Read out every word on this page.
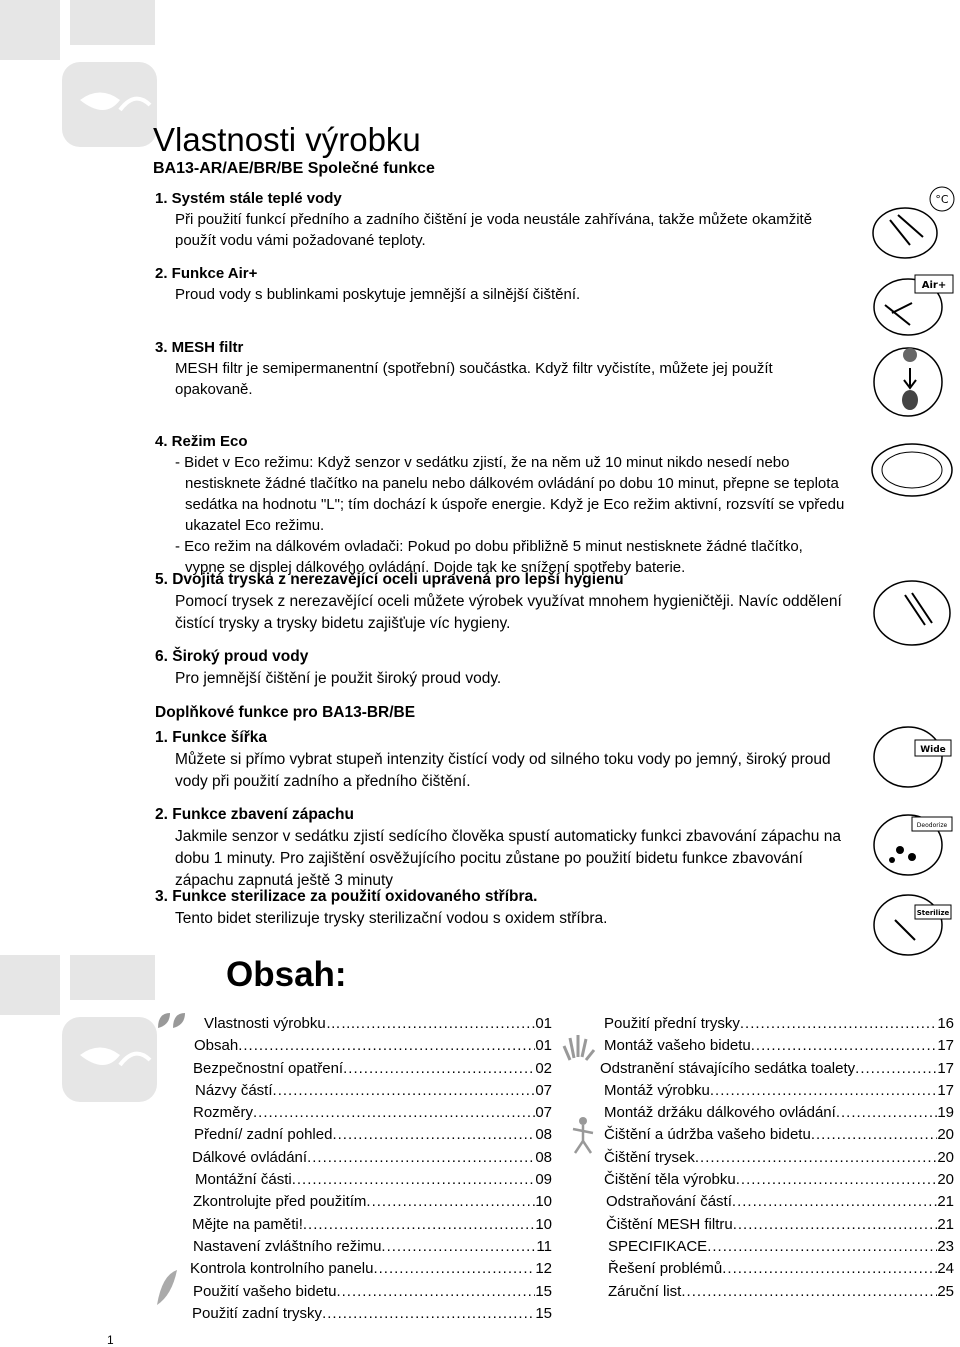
Vlastnosti výrobku
BA13-AR/AE/BR/BE Společné funkce
1. Systém stále teplé vody
Při použití funkcí předního a zadního čištění je voda neustále zahřívána, takže můžete okamžitě použít vodu vámi požadované teploty.
2. Funkce Air+
Proud vody s bublinkami poskytuje jemnější a silnější čištění.
3. MESH filtr
MESH filtr je semipermanentní (spotřební) součástka. Když filtr vyčistíte, můžete jej použít opakovaně.
4. Režim Eco
- Bidet v Eco režimu: Když senzor v sedátku zjistí, že na něm už 10 minut nikdo nesedí nebo nestisknete žádné tlačítko na panelu nebo dálkovém ovládání po dobu 10 minut, přepne se teplota sedátka na hodnotu "L"; tím dochází k úspoře energie. Když je Eco režim aktivní, rozsvítí se vpředu ukazatel Eco režimu.
- Eco režim na dálkovém ovladači: Pokud po dobu přibližně 5 minut nestisknete žádné tlačítko, vypne se displej dálkového ovládání. Dojde tak ke snížení spotřeby baterie.
5. Dvojitá tryska z nerezavějící oceli upravená pro lepší hygienu
Pomocí trysek z nerezavějící oceli můžete výrobek využívat mnohem hygieničtěji. Navíc oddělení čistící trysky a trysky bidetu zajišťuje víc hygieny.
6. Široký proud vody
Pro jemnější čištění je použit široký proud vody.
Doplňkové funkce pro BA13-BR/BE
1. Funkce šířka
Můžete si přímo vybrat stupeň intenzity čistící vody od silného toku vody po jemný, široký proud vody při použití zadního a předního čištění.
2. Funkce zbavení zápachu
Jakmile senzor v sedátku zjistí sedícího člověka spustí automaticky funkci zbavování zápachu na dobu 1 minuty. Pro zajištění osvěžujícího pocitu zůstane po použití bidetu funkce zbavování zápachu zapnutá ještě 3 minuty
3. Funkce sterilizace za použití oxidovaného stříbra.
Tento bidet sterilizuje trysky sterilizační vodou s oxidem stříbra.
°C
Air+
Wide
Deodorize
Sterilize
Obsah:
Vlastnosti výrobku…… .....	01
Obsah .....	01
Bezpečnostní opatření .....	02
Názvy částí .....	07
Rozměry .....	07
Přední/ zadní pohled .....	08
Dálkové ovládání .....	08
Montážní části .....	09
Zkontrolujte před použitím .....	10
Mějte na paměti! .....	10
Nastavení zvláštního režimu .....	11
Kontrola kontrolního panelu .....	12
Použití vašeho bidetu .....	15
Použití zadní trysky .....	15
Použití přední trysky .....	16
Montáž vašeho bidetu .....	17
Odstranění stávajícího sedátka toalety .....	17
Montáž výrobku .....	17
Montáž držáku dálkového ovládání .....	19
Čištění a údržba vašeho bidetu .....	20
Čištění trysek .....	20
Čištění těla výrobku .....	20
Odstraňování částí .....	21
Čištění MESH filtru .....	21
SPECIFIKACE .....	23
Řešení problémů .....	24
Záruční list .....	25
1
